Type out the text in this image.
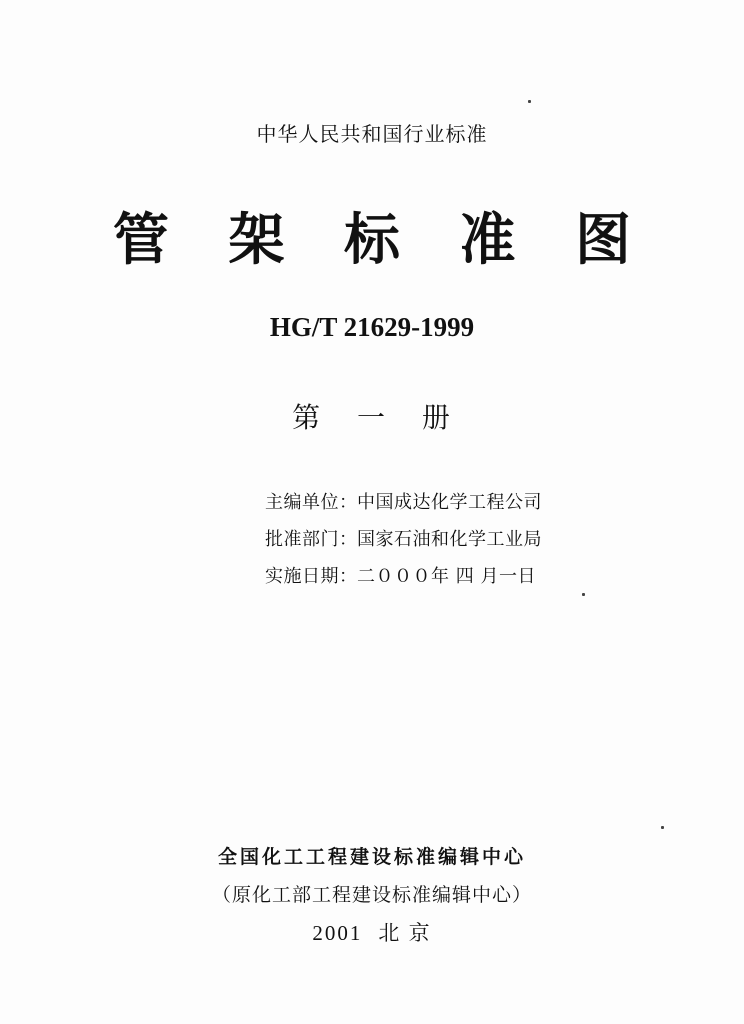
中华人民共和国行业标准
管 架 标 准 图
HG/T 21629-1999
第 一 册
主编单位 ： 中国成达化学工程公司
批准部门 ： 国家石油和化学工业局
实施日期 ： 二０００年 四 月一日
全国化工工程建设标准编辑中心
（原化工部工程建设标准编辑中心）
2001 北 京
